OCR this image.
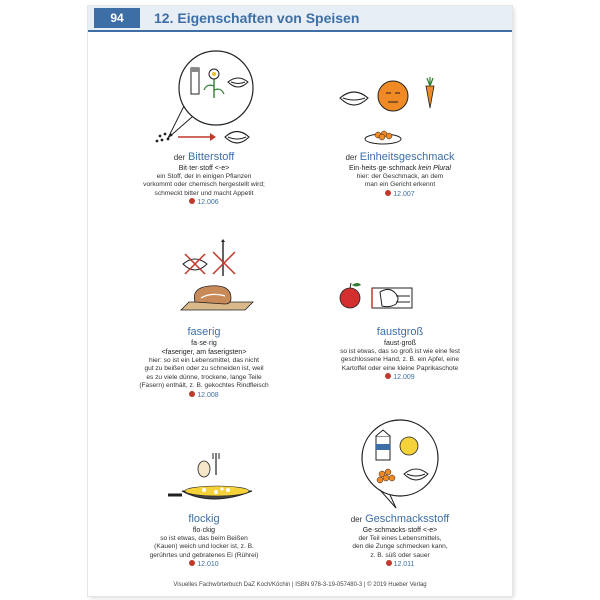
94	12. Eigenschaften von Speisen
der Bitterstoff
Bit·ter·stoff <-e>
ein Stoff, der in einigen Pflanzen
vorkommt oder chemisch hergestellt wird;
schmeckt bitter und macht Appetit
12.006
der Einheitsgeschmack
Ein·heits·ge·schmack kein Plural
hier: der Geschmack, an dem
man ein Gericht erkennt
12.007
faserig
fa·se·rig
<faseriger, am faserigsten>
hier: so ist ein Lebensmittel, das nicht
gut zu beißen oder zu schneiden ist, weil
es zu viele dünne, trockene, lange Teile
(Fasern) enthält, z. B. gekochtes Rindfleisch
12.008
faustgroß
faust·groß
so ist etwas, das so groß ist wie eine fest
geschlossene Hand, z. B. ein Apfel, eine
Kartoffel oder eine kleine Paprikaschote
12.009
flockig
flo·ckig
so ist etwas, das beim Beißen
(Kauen) weich und locker ist, z. B.
gerührtes und gebratenes Ei (Rührei)
12.010
der Geschmacksstoff
Ge·schmacks·stoff <-e>
der Teil eines Lebensmittels,
den die Zunge schmecken kann,
z. B. süß oder sauer
12.011
Visuelles Fachwörterbuch DaZ Koch/Köchin | ISBN 978-3-19-057480-3 | © 2019 Hueber Verlag
